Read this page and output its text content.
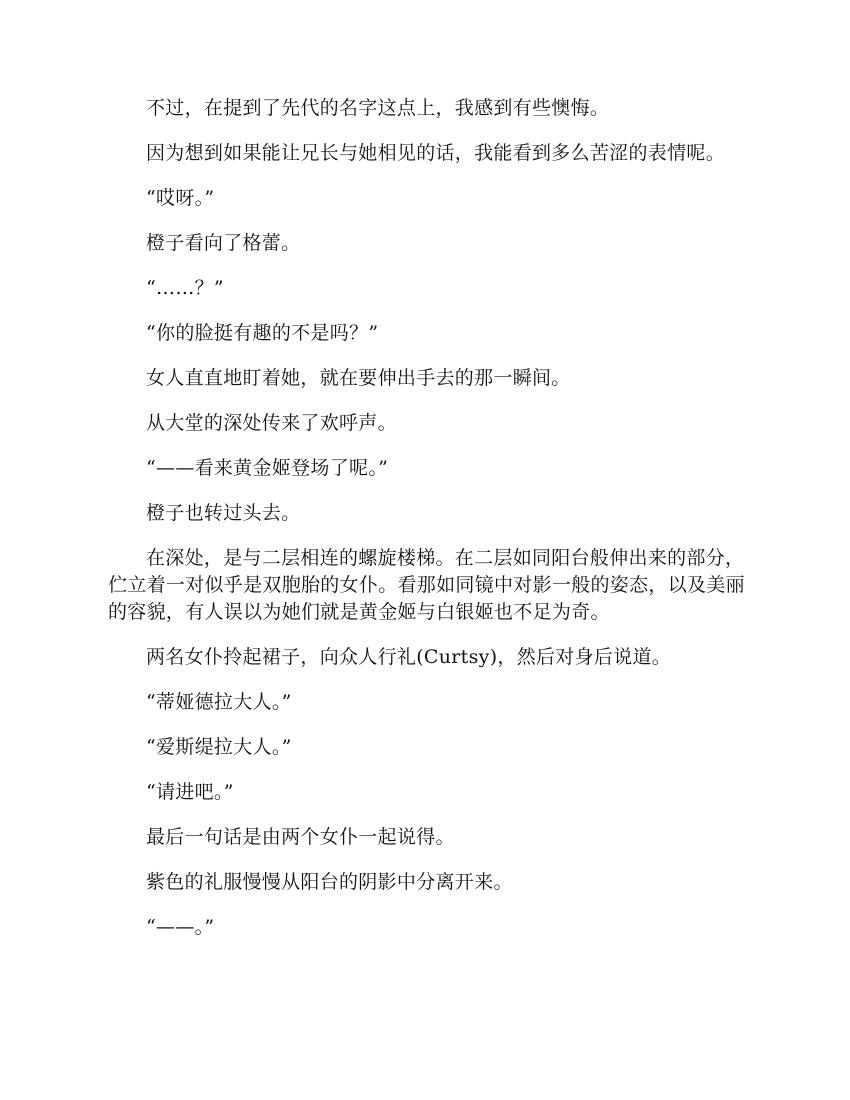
不过，在提到了先代的名字这点上，我感到有些懊悔。

因为想到如果能让兄长与她相见的话，我能看到多么苦涩的表情呢。

“哎呀。”

橙子看向了格蕾。

“……？”

“你的脸挺有趣的不是吗？”

女人直直地盯着她，就在要伸出手去的那一瞬间。

从大堂的深处传来了欢呼声。

“——看来黄金姬登场了呢。”

橙子也转过头去。

在深处，是与二层相连的螺旋楼梯。在二层如同阳台般伸出来的部分，伫立着一对似乎是双胞胎的女仆。看那如同镜中对影一般的姿态，以及美丽的容貌，有人误以为她们就是黄金姬与白银姬也不足为奇。

两名女仆拎起裙子，向众人行礼(Curtsy)，然后对身后说道。

“蒂娅德拉大人。”

“爱斯缇拉大人。”

“请进吧。”

最后一句话是由两个女仆一起说得。

紫色的礼服慢慢从阳台的阴影中分离开来。

“——。”
